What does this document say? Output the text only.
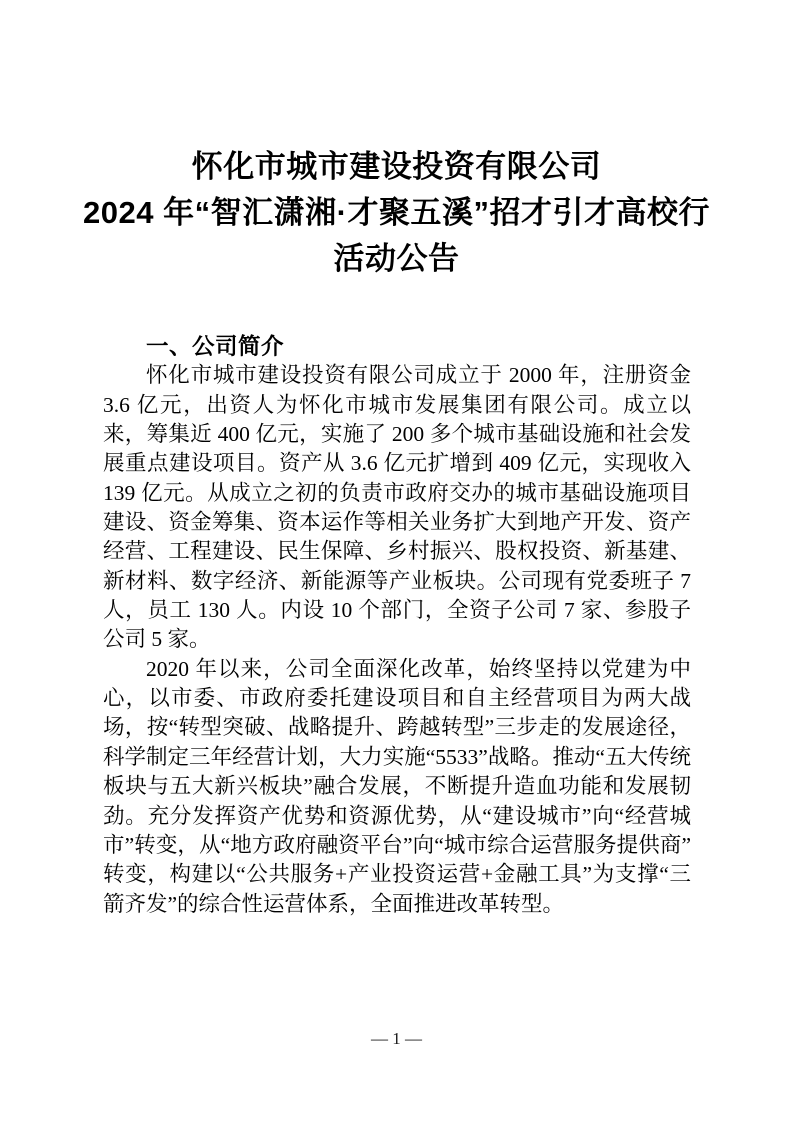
怀化市城市建设投资有限公司
2024 年“智汇潇湘·才聚五溪”招才引才高校行
活动公告
一、公司简介

怀化市城市建设投资有限公司成立于 2000 年，注册资金 3.6 亿元，出资人为怀化市城市发展集团有限公司。成立以来，筹集近 400 亿元，实施了 200 多个城市基础设施和社会发展重点建设项目。资产从 3.6 亿元扩增到 409 亿元，实现收入 139 亿元。从成立之初的负责市政府交办的城市基础设施项目建设、资金筹集、资本运作等相关业务扩大到地产开发、资产经营、工程建设、民生保障、乡村振兴、股权投资、新基建、新材料、数字经济、新能源等产业板块。公司现有党委班子 7 人，员工 130 人。内设 10 个部门，全资子公司 7 家、参股子公司 5 家。

2020 年以来，公司全面深化改革，始终坚持以党建为中心，以市委、市政府委托建设项目和自主经营项目为两大战场，按“转型突破、战略提升、跨越转型”三步走的发展途径，科学制定三年经营计划，大力实施“5533”战略。推动“五大传统板块与五大新兴板块”融合发展，不断提升造血功能和发展韧劲。充分发挥资产优势和资源优势，从“建设城市”向“经营城市”转变，从“地方政府融资平台”向“城市综合运营服务提供商”转变，构建以“公共服务+产业投资运营+金融工具”为支撑“三箭齐发”的综合性运营体系，全面推进改革转型。

— 1 —
